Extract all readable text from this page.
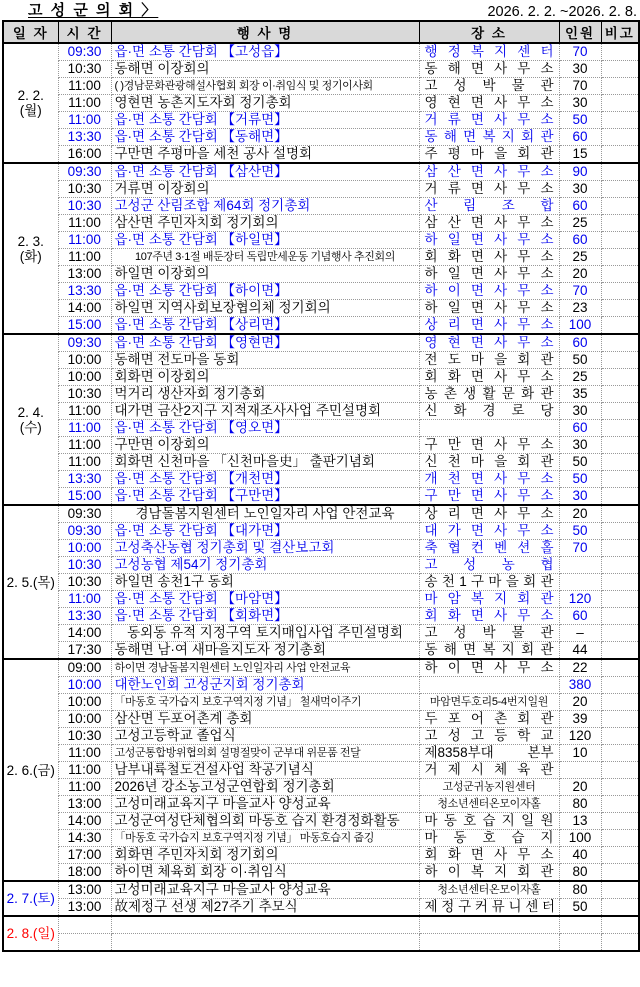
고 성 군 의 회 〉	2026. 2. 2. ~2026. 2. 8.
일 자	시 간	행 사 명	장 소	인원	비고

2. 2.
(월)	09:30	읍·면 소통 간담회 【고성읍】	행 정 복 지 센 터	70	
	10:30	동해면 이장회의	동 해 면 사 무 소	30	
	11:00	( )경남문화관광해설사협회 회장 이·취임식 및 정기이사회	고 성 박 물 관	70	
	11:00	영현면 농촌지도자회 정기총회	영 현 면 사 무 소	30	
	11:00	읍·면 소통 간담회 【거류면】	거 류 면 사 무 소	50	
	13:30	읍·면 소통 간담회 【동해면】	동 해 면 복 지 회 관	60	
	16:00	구만면 주평마을 세천 공사 설명회	주 평 마 을 회 관	15	

2. 3.
(화)	09:30	읍·면 소통 간담회 【삼산면】	삼 산 면 사 무 소	90	
	10:30	거류면 이장회의	거 류 면 사 무 소	30	
	10:30	고성군 산림조합 제64회 정기총회	산 림 조 합	60	
	11:00	삼산면 주민자치회 정기회의	삼 산 면 사 무 소	25	
	11:00	읍·면 소통 간담회 【하일면】	하 일 면 사 무 소	60	
	11:00	107주년 3·1절 배둔장터 독립만세운동 기념행사 추진회의	회 화 면 사 무 소	25	
	13:00	하일면 이장회의	하 일 면 사 무 소	20	
	13:30	읍·면 소통 간담회 【하이면】	하 이 면 사 무 소	70	
	14:00	하일면 지역사회보장협의체 정기회의	하 일 면 사 무 소	23	
	15:00	읍·면 소통 간담회 【상리면】	상 리 면 사 무 소	100	

2. 4.
(수)	09:30	읍·면 소통 간담회 【영현면】	영 현 면 사 무 소	60	
	10:00	동해면 전도마을 동회	전 도 마 을 회 관	50	
	10:00	회화면 이장회의	회 화 면 사 무 소	25	
	10:30	먹거리 생산자회 정기총회	농 촌 생 활 문 화 관	35	
	11:00	대가면 금산2지구 지적재조사사업 주민설명회	신 화 경 로 당	30	
	11:00	읍·면 소통 간담회 【영오면】		60	
	11:00	구만면 이장회의	구 만 면 사 무 소	30	
	11:00	회화면 신천마을 「신천마을史」 출판기념회	신 천 마 을 회 관	50	
	13:30	읍·면 소통 간담회 【개천면】	개 천 면 사 무 소	50	
	15:00	읍·면 소통 간담회 【구만면】	구 만 면 사 무 소	30	

2. 5.(목)	09:30	경남돌봄지원센터 노인일자리 사업 안전교육	상 리 면 사 무 소	20	
	09:30	읍·면 소통 간담회 【대가면】	대 가 면 사 무 소	50	
	10:00	고성축산농협 정기총회 및 결산보고회	축 협 컨 벤 션 홀	70	
	10:30	고성농협 제54기 정기총회	고 성 농 협		
	10:30	하일면 송천1구 동회	송 천 1 구 마 을 회 관		
	11:00	읍·면 소통 간담회 【마암면】	마 암 복 지 회 관	120	
	13:30	읍·면 소통 간담회 【회화면】	회 화 면 사 무 소	60	
	14:00	동외동 유적 지정구역 토지매입사업 주민설명회	고 성 박 물 관	–	
	17:30	동해면 남·여 새마을지도자 정기총회	동 해 면 복 지 회 관	44	

2. 6.(금)	09:00	하이면 경남돌봄지원센터 노인일자리 사업 안전교육	하 이 면 사 무 소	22	
	10:00	대한노인회 고성군지회 정기총회		380	
	10:00	「마동호 국가습지 보호구역지정 기념」 철새먹이주기	마암면두호리5-4번지일원	20	
	10:00	삼산면 두포어촌계 총회	두 포 어 촌 회 관	39	
	10:30	고성고등학교 졸업식	고 성 고 등 학 교	120	
	11:00	고성군통합방위협의회 설명절맞이 군부대 위문품 전달	제8358부대 본부	10	
	11:00	남부내륙철도건설사업 착공기념식	거 제 시 체 육 관		
	11:00	2026년 강소농고성군연합회 정기총회	고성군귀농지원센터	20	
	13:00	고성미래교육지구 마을교사 양성교육	청소년센터온모이자홀	80	
	14:00	고성군여성단체협의회 마동호 습지 환경정화활동	마 동 호 습 지 일 원	13	
	14:30	「마동호 국가습지 보호구역지정 기념」 마동호습지 줍깅	마 동 호 습 지	100	
	17:00	회화면 주민자치회 정기회의	회 화 면 사 무 소	40	
	18:00	하이면 체육회 회장 이·취임식	하 이 복 지 회 관	80	

2. 7.(토)	13:00	고성미래교육지구 마을교사 양성교육	청소년센터온모이자홀	80	
	13:00	故제정구 선생 제27주기 추모식	제 정 구 커 뮤 니 센 터	50	

2. 8.(일)					
